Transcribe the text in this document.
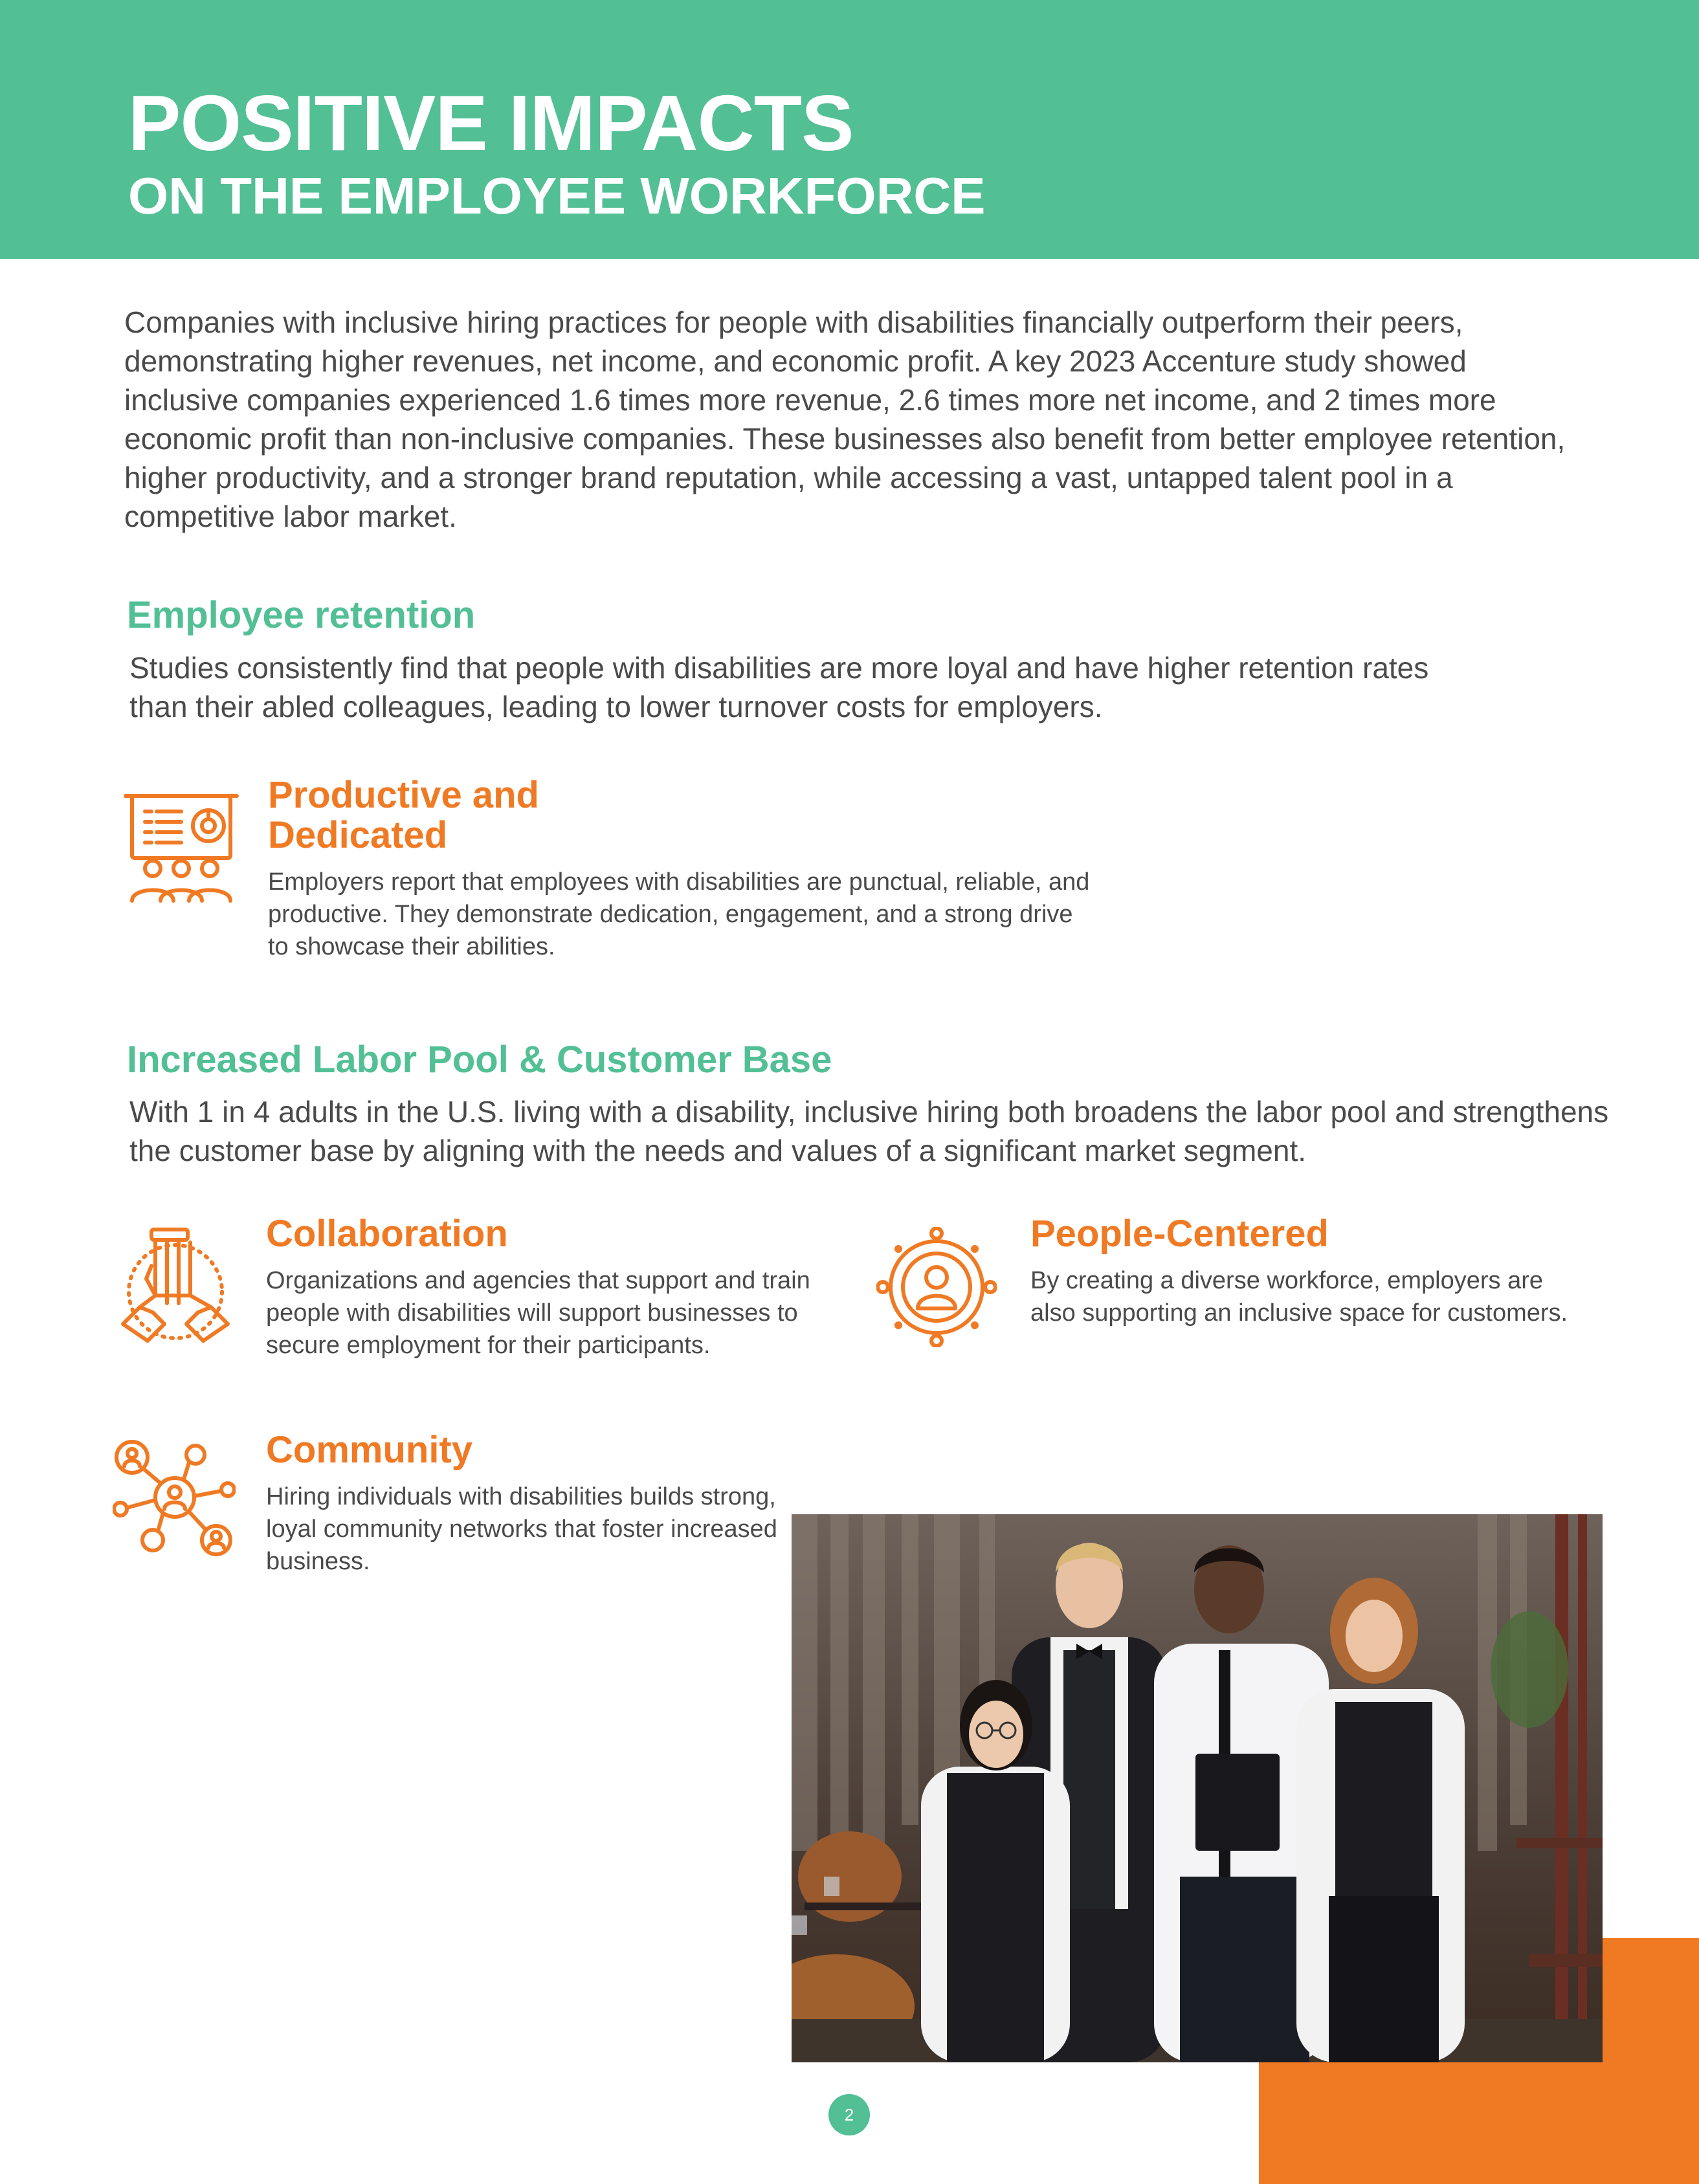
POSITIVE IMPACTS
ON THE EMPLOYEE WORKFORCE
Companies with inclusive hiring practices for people with disabilities financially outperform their peers, demonstrating higher revenues, net income, and economic profit. A key 2023 Accenture study showed inclusive companies experienced 1.6 times more revenue, 2.6 times more net income, and 2 times more economic profit than non-inclusive companies. These businesses also benefit from better employee retention, higher productivity, and a stronger brand reputation, while accessing a vast, untapped talent pool in a competitive labor market.
Employee retention
Studies consistently find that people with disabilities are more loyal and have higher retention rates than their abled colleagues, leading to lower turnover costs for employers.
Productive and
Dedicated
Employers report that employees with disabilities are punctual, reliable, and productive. They demonstrate dedication, engagement, and a strong drive to showcase their abilities.
Increased Labor Pool & Customer Base
With 1 in 4 adults in the U.S. living with a disability, inclusive hiring both broadens the labor pool and strengthens the customer base by aligning with the needs and values of a significant market segment.
Collaboration
Organizations and agencies that support and train people with disabilities will support businesses to secure employment for their participants.
People-Centered
By creating a diverse workforce, employers are also supporting an inclusive space for customers.
Community
Hiring individuals with disabilities builds strong, loyal community networks that foster increased business.
2
